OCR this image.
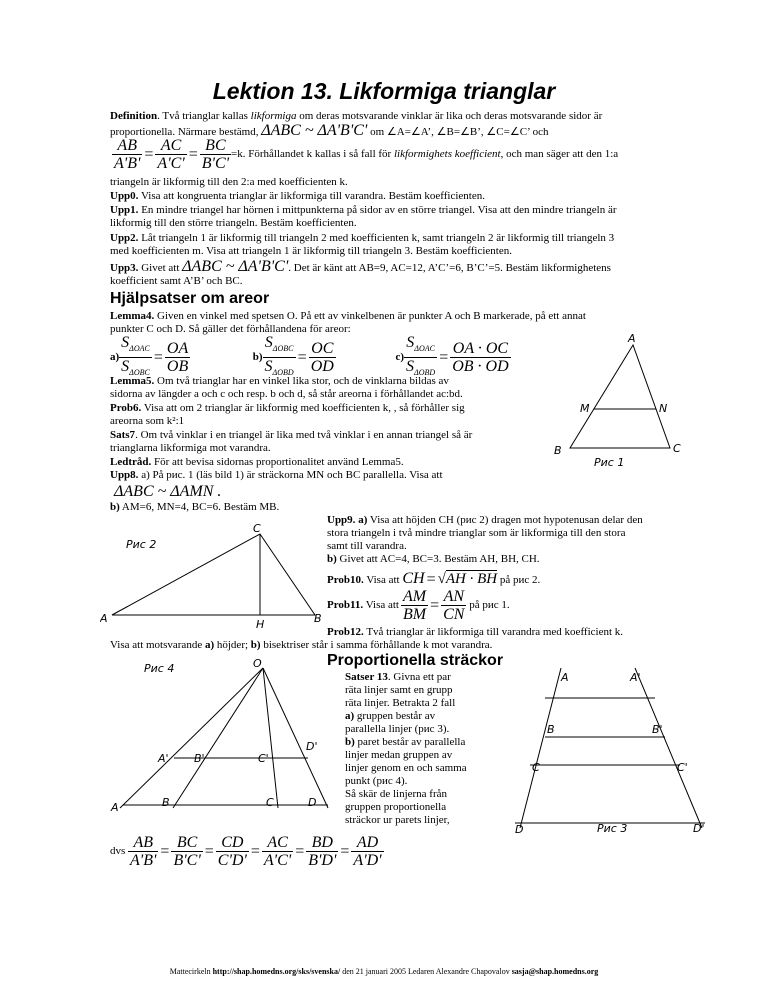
Lektion 13. Likformiga trianglar
Definition. Två trianglar kallas likformiga om deras motsvarande vinklar är lika och deras motsvarande sidor är
proportionella. Närmare bestämd, ΔABC ~ ΔA'B'C' om ∠A=∠A’, ∠B=∠B’, ∠C=∠C’ och
$\frac{AB}{A'B'} = \frac{AC}{A'C'} = \frac{BC}{B'C'} =k$. Förhållandet k kallas i så fall för likformighets koefficient, och man säger att den 1:a
triangeln är likformig till den 2:a med koefficienten k.
Upp0. Visa att kongruenta trianglar är likformiga till varandra. Bestäm koefficienten.
Upp1. En mindre triangel har hörnen i mittpunkterna på sidor av en större triangel. Visa att den mindre triangeln är
likformig till den större triangeln. Bestäm koefficienten.
Upp2. Låt triangeln 1 är likformig till triangeln 2 med koefficienten k, samt triangeln 2 är likformig till triangeln 3
med koefficienten m. Visa att triangeln 1 är likformig till triangeln 3. Bestäm koefficienten.
Upp3. Givet att ΔABC ~ ΔA'B'C'. Det är känt att AB=9, AC=12, A’C’=6, B’C’=5. Bestäm likformighetens
koefficient samt A’B’ och BC.
Hjälpsatser om areor
Lemma4. Given en vinkel med spetsen O. På ett av vinkelbenen är punkter A och B markerade, på ett annat
punkter C och D. Så gäller det förhållandena för areor:
$a) \frac{S_{\Delta OAC}}{S_{\Delta OBC}} = \frac{OA}{OB}$	$b) \frac{S_{\Delta OBC}}{S_{\Delta OBD}} = \frac{OC}{OD}$	$c) \frac{S_{\Delta OAC}}{S_{\Delta OBD}} = \frac{OA \cdot OC}{OB \cdot OD}$
Lemma5. Om två trianglar har en vinkel lika stor, och de vinklarna bildas av
sidorna av längder a och c och resp. b och d, så står areorna i förhållandet ac:bd.
Prob6. Visa att om 2 trianglar är likformig med koefficienten k, , så förhåller sig
areorna som k²:1
Sats7. Om två vinklar i en triangel är lika med två vinklar i en annan triangel så är
trianglarna likformiga mot varandra.
Ledtråd. För att bevisa sidornas proportionalitet använd Lemma5.
Upp8. a) På рис. 1 (läs bild 1) är sträckorna MN och BC parallella. Visa att
ΔABC ~ ΔAMN .
b) AM=6, MN=4, BC=6. Bestäm MB.
Upp9. a) Visa att höjden CH (рис 2) dragen mot hypotenusan delar den
stora triangeln i två mindre trianglar som är likformiga till den stora
samt till varandra.
b) Givet att AC=4, BC=3. Bestäm AH, BH, CH.
Prob10. Visa att CH = √AH · BH på рис 2.
Prob11. Visa att $\frac{AM}{BM} = \frac{AN}{CN}$ på рис 1.
Prob12. Två trianglar är likformiga till varandra med koefficient k.
Visa att motsvarande a) höjder; b) bisektriser står i samma förhållande k mot varandra.
Proportionella sträckor
Satser 13. Givna ett par
räta linjer samt en grupp
räta linjer. Betrakta 2 fall
a) gruppen består av
parallella linjer (рис 3).
b) paret består av parallella
linjer medan gruppen av
linjer genom en och samma
punkt (рис 4).
Så skär de linjerna från
gruppen proportionella
sträckor ur parets linjer,
dvs $\frac{AB}{A'B'} = \frac{BC}{B'C'} = \frac{CD}{C'D'} = \frac{AC}{A'C'} = \frac{BD}{B'D'} = \frac{AD}{A'D'}$
A
M	N
B	C
Рис 1
Рис 2
C
A	H	B
A	A'
B	B'
C	C'
D	D'
Рис 3
Рис 4	O
A' B'	C'
D'
A	B	C	D
Mattecirkeln http://shap.homedns.org/sks/svenska/ den 21 januari 2005 Ledaren Alexandre Chapovalov sasja@shap.homedns.org
